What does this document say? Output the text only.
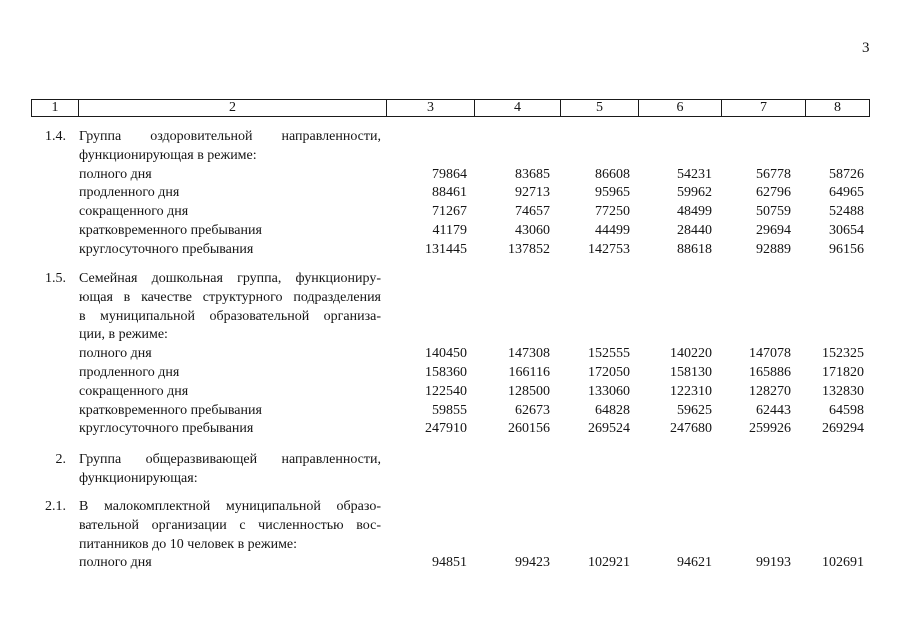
3
1	2	3	4	5	6	7	8
1.4. Группа оздоровительной направленности,
функционирующая в режиме:
полного дня	79864	83685	86608	54231	56778	58726
продленного дня	88461	92713	95965	59962	62796	64965
сокращенного дня	71267	74657	77250	48499	50759	52488
кратковременного пребывания	41179	43060	44499	28440	29694	30654
круглосуточного пребывания	131445	137852	142753	88618	92889	96156
1.5. Семейная дошкольная группа, функциониру-
ющая в качестве структурного подразделения
в муниципальной образовательной организа-
ции, в режиме:
полного дня	140450	147308	152555	140220	147078	152325
продленного дня	158360	166116	172050	158130	165886	171820
сокращенного дня	122540	128500	133060	122310	128270	132830
кратковременного пребывания	59855	62673	64828	59625	62443	64598
круглосуточного пребывания	247910	260156	269524	247680	259926	269294
2. Группа общеразвивающей направленности,
функционирующая:
2.1. В малокомплектной муниципальной образо-
вательной организации с численностью вос-
питанников до 10 человек в режиме:
полного дня	94851	99423	102921	94621	99193	102691
